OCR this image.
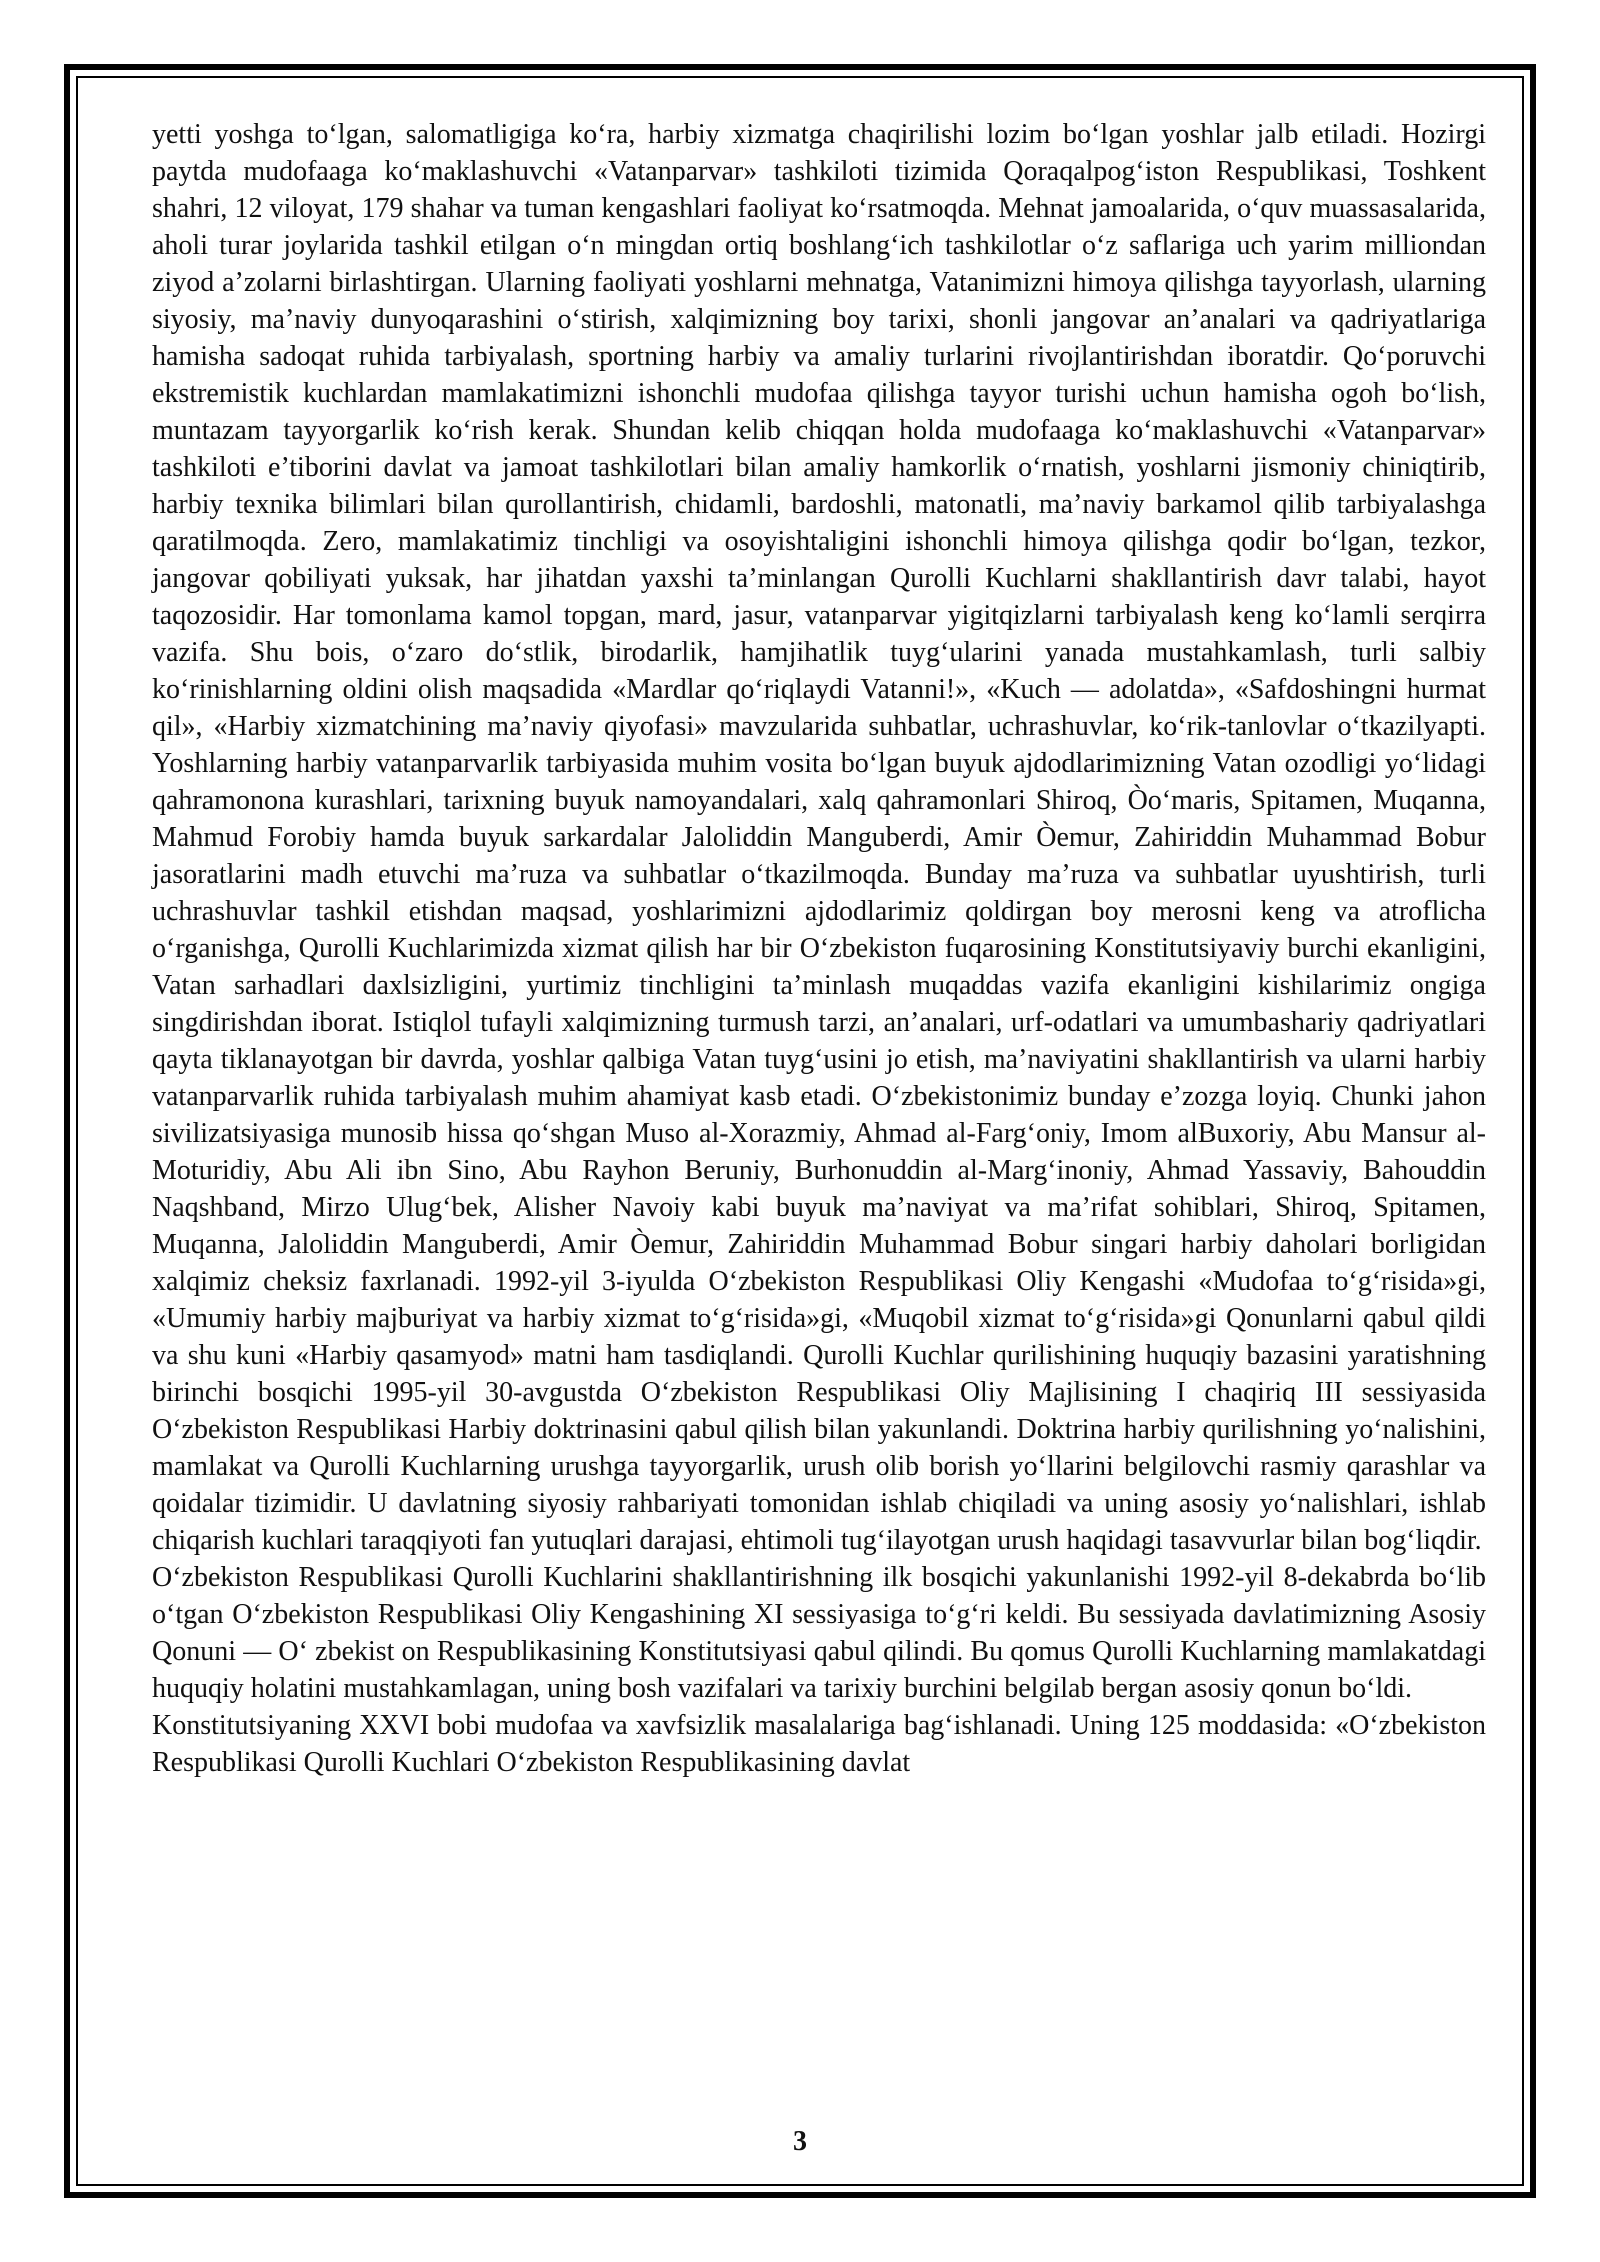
yetti yoshga to‘lgan, salomatligiga ko‘ra, harbiy xizmatga chaqirilishi lozim bo‘lgan yoshlar jalb etiladi. Hozirgi paytda mudofaaga ko‘maklashuvchi «Vatanparvar» tashkiloti tizimida Qoraqalpog‘iston Respublikasi, Toshkent shahri, 12 viloyat, 179 shahar va tuman kengashlari faoliyat ko‘rsatmoqda. Mehnat jamoalarida, o‘quv muassasalarida, aholi turar joylarida tashkil etilgan o‘n mingdan ortiq boshlang‘ich tashkilotlar o‘z saflariga uch yarim milliondan ziyod a’zolarni birlashtirgan. Ularning faoliyati yoshlarni mehnatga, Vatanimizni himoya qilishga tayyorlash, ularning siyosiy, ma’naviy dunyoqarashini o‘stirish, xalqimizning boy tarixi, shonli jangovar an’analari va qadriyatlariga hamisha sadoqat ruhida tarbiyalash, sportning harbiy va amaliy turlarini rivojlantirishdan iboratdir. Qo‘poruvchi ekstremistik kuchlardan mamlakatimizni ishonchli mudofaa qilishga tayyor turishi uchun hamisha ogoh bo‘lish, muntazam tayyorgarlik ko‘rish kerak. Shundan kelib chiqqan holda mudofaaga ko‘maklashuvchi «Vatanparvar» tashkiloti e’tiborini davlat va jamoat tashkilotlari bilan amaliy hamkorlik o‘rnatish, yoshlarni jismoniy chiniqtirib, harbiy texnika bilimlari bilan qurollantirish, chidamli, bardoshli, matonatli, ma’naviy barkamol qilib tarbiyalashga qaratilmoqda. Zero, mamlakatimiz tinchligi va osoyishtaligini ishonchli himoya qilishga qodir bo‘lgan, tezkor, jangovar qobiliyati yuksak, har jihatdan yaxshi ta’minlangan Qurolli Kuchlarni shakllantirish davr talabi, hayot taqozosidir. Har tomonlama kamol topgan, mard, jasur, vatanparvar yigitqizlarni tarbiyalash keng ko‘lamli serqirra vazifa. Shu bois, o‘zaro do‘stlik, birodarlik, hamjihatlik tuyg‘ularini yanada mustahkamlash, turli salbiy ko‘rinishlarning oldini olish maqsadida «Mardlar qo‘riqlaydi Vatanni!», «Kuch — adolatda», «Safdoshingni hurmat qil», «Harbiy xizmatchining ma’naviy qiyofasi» mavzularida suhbatlar, uchrashuvlar, ko‘rik-tanlovlar o‘tkazilyapti. Yoshlarning harbiy vatanparvarlik tarbiyasida muhim vosita bo‘lgan buyuk ajdodlarimizning Vatan ozodligi yo‘lidagi qahramonona kurashlari, tarixning buyuk namoyandalari, xalq qahramonlari Shiroq, Òo‘maris, Spitamen, Muqanna, Mahmud Forobiy hamda buyuk sarkardalar Jaloliddin Manguberdi, Amir Òemur, Zahiriddin Muhammad Bobur jasoratlarini madh etuvchi ma’ruza va suhbatlar o‘tkazilmoqda. Bunday ma’ruza va suhbatlar uyushtirish, turli uchrashuvlar tashkil etishdan maqsad, yoshlarimizni ajdodlarimiz qoldirgan boy merosni keng va atroflicha o‘rganishga, Qurolli Kuchlarimizda xizmat qilish har bir O‘zbekiston fuqarosining Konstitutsiyaviy burchi ekanligini, Vatan sarhadlari daxlsizligini, yurtimiz tinchligini ta’minlash muqaddas vazifa ekanligini kishilarimiz ongiga singdirishdan iborat. Istiqlol tufayli xalqimizning turmush tarzi, an’analari, urf-odatlari va umumbashariy qadriyatlari qayta tiklanayotgan bir davrda, yoshlar qalbiga Vatan tuyg‘usini jo etish, ma’naviyatini shakllantirish va ularni harbiy vatanparvarlik ruhida tarbiyalash muhim ahamiyat kasb etadi. O‘zbekistonimiz bunday e’zozga loyiq. Chunki jahon sivilizatsiyasiga munosib hissa qo‘shgan Muso al-Xorazmiy, Ahmad al-Farg‘oniy, Imom alBuxoriy, Abu Mansur al-Moturidiy, Abu Ali ibn Sino, Abu Rayhon Beruniy, Burhonuddin al-Marg‘inoniy, Ahmad Yassaviy, Bahouddin Naqshband, Mirzo Ulug‘bek, Alisher Navoiy kabi buyuk ma’naviyat va ma’rifat sohiblari, Shiroq, Spitamen, Muqanna, Jaloliddin Manguberdi, Amir Òemur, Zahiriddin Muhammad Bobur singari harbiy daholari borligidan xalqimiz cheksiz faxrlanadi. 1992-yil 3-iyulda O‘zbekiston Respublikasi Oliy Kengashi «Mudofaa to‘g‘risida»gi, «Umumiy harbiy majburiyat va harbiy xizmat to‘g‘risida»gi, «Muqobil xizmat to‘g‘risida»gi Qonunlarni qabul qildi va shu kuni «Harbiy qasamyod» matni ham tasdiqlandi. Qurolli Kuchlar qurilishining huquqiy bazasini yaratishning birinchi bosqichi 1995-yil 30-avgustda O‘zbekiston Respublikasi Oliy Majlisining I chaqiriq III sessiyasida O‘zbekiston Respublikasi Harbiy doktrinasini qabul qilish bilan yakunlandi. Doktrina harbiy qurilishning yo‘nalishini, mamlakat va Qurolli Kuchlarning urushga tayyorgarlik, urush olib borish yo‘llarini belgilovchi rasmiy qarashlar va qoidalar tizimidir. U davlatning siyosiy rahbariyati tomonidan ishlab chiqiladi va uning asosiy yo‘nalishlari, ishlab chiqarish kuchlari taraqqiyoti fan yutuqlari darajasi, ehtimoli tug‘ilayotgan urush haqidagi tasavvurlar bilan bog‘liqdir.

O‘zbekiston Respublikasi Qurolli Kuchlarini shakllantirishning ilk bosqichi yakunlanishi 1992-yil 8-dekabrda bo‘lib o‘tgan O‘zbekiston Respublikasi Oliy Kengashining XI sessiyasiga to‘g‘ri keldi. Bu sessiyada davlatimizning Asosiy Qonuni — O‘ zbekist on Respublikasining Konstitutsiyasi qabul qilindi. Bu qomus Qurolli Kuchlarning mamlakatdagi huquqiy holatini mustahkamlagan, uning bosh vazifalari va tarixiy burchini belgilab bergan asosiy qonun bo‘ldi.

Konstitutsiyaning XXVI bobi mudofaa va xavfsizlik masalalariga bag‘ishlanadi. Uning 125 moddasida: «O‘zbekiston Respublikasi Qurolli Kuchlari O‘zbekiston Respublikasining davlat

3
